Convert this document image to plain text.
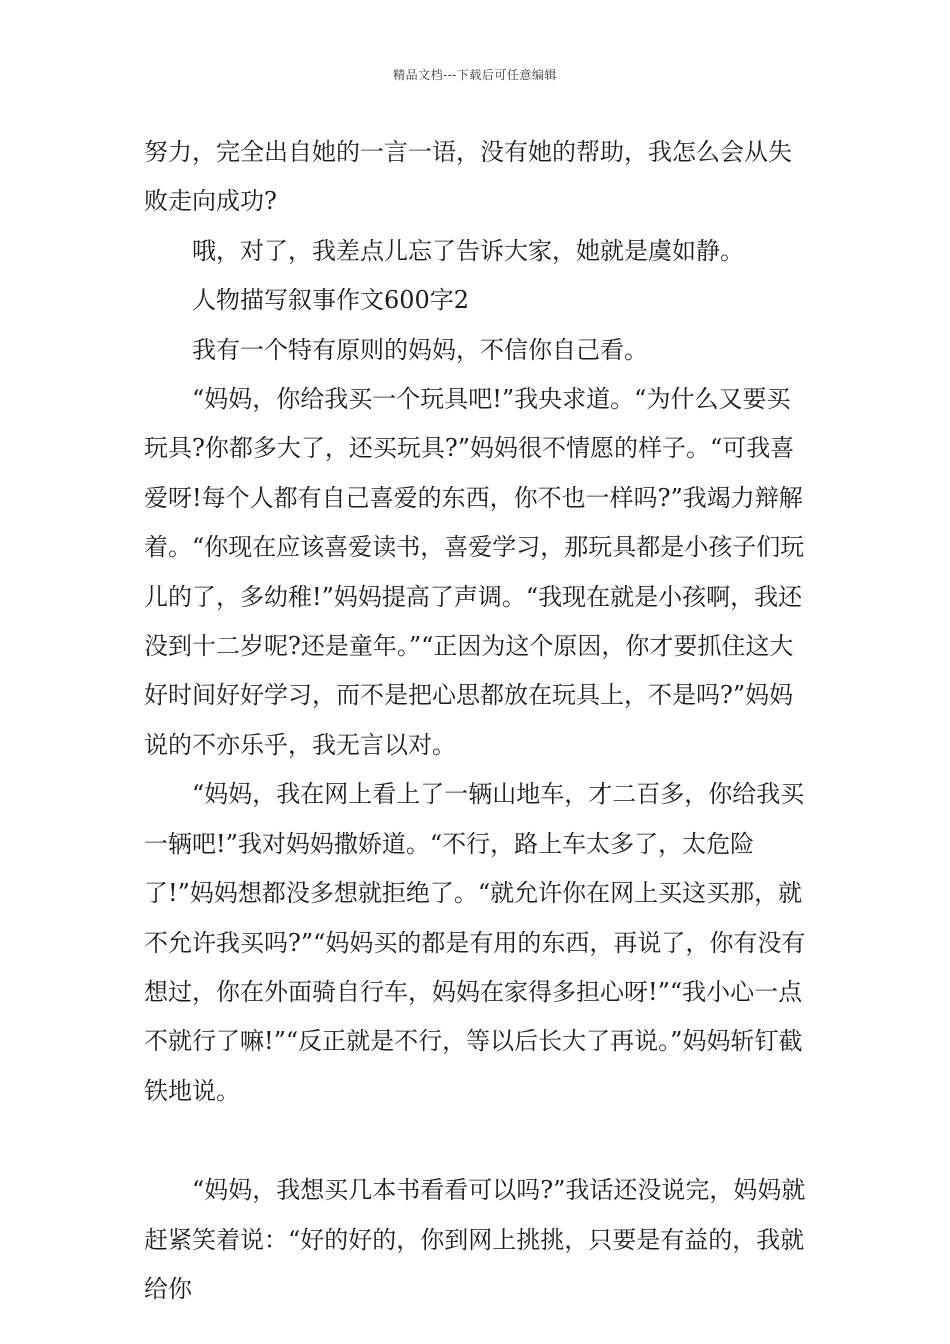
精品文档---下载后可任意编辑

努力，完全出自她的一言一语，没有她的帮助，我怎么会从失败走向成功?

哦，对了，我差点儿忘了告诉大家，她就是虞如静。

人物描写叙事作文600字2

我有一个特有原则的妈妈，不信你自己看。

“妈妈，你给我买一个玩具吧!”我央求道。“为什么又要买玩具?你都多大了，还买玩具?”妈妈很不情愿的样子。“可我喜爱呀!每个人都有自己喜爱的东西，你不也一样吗?”我竭力辩解着。“你现在应该喜爱读书，喜爱学习，那玩具都是小孩子们玩儿的了，多幼稚!”妈妈提高了声调。“我现在就是小孩啊，我还没到十二岁呢?还是童年。”“正因为这个原因，你才要抓住这大好时间好好学习，而不是把心思都放在玩具上，不是吗?”妈妈说的不亦乐乎，我无言以对。

“妈妈，我在网上看上了一辆山地车，才二百多，你给我买一辆吧!”我对妈妈撒娇道。“不行，路上车太多了，太危险了!”妈妈想都没多想就拒绝了。“就允许你在网上买这买那，就不允许我买吗?”“妈妈买的都是有用的东西，再说了，你有没有想过，你在外面骑自行车，妈妈在家得多担心呀!”“我小心一点不就行了嘛!”“反正就是不行，等以后长大了再说。”妈妈斩钉截铁地说。

“妈妈，我想买几本书看看可以吗?”我话还没说完，妈妈就赶紧笑着说：“好的好的，你到网上挑挑，只要是有益的，我就给你
